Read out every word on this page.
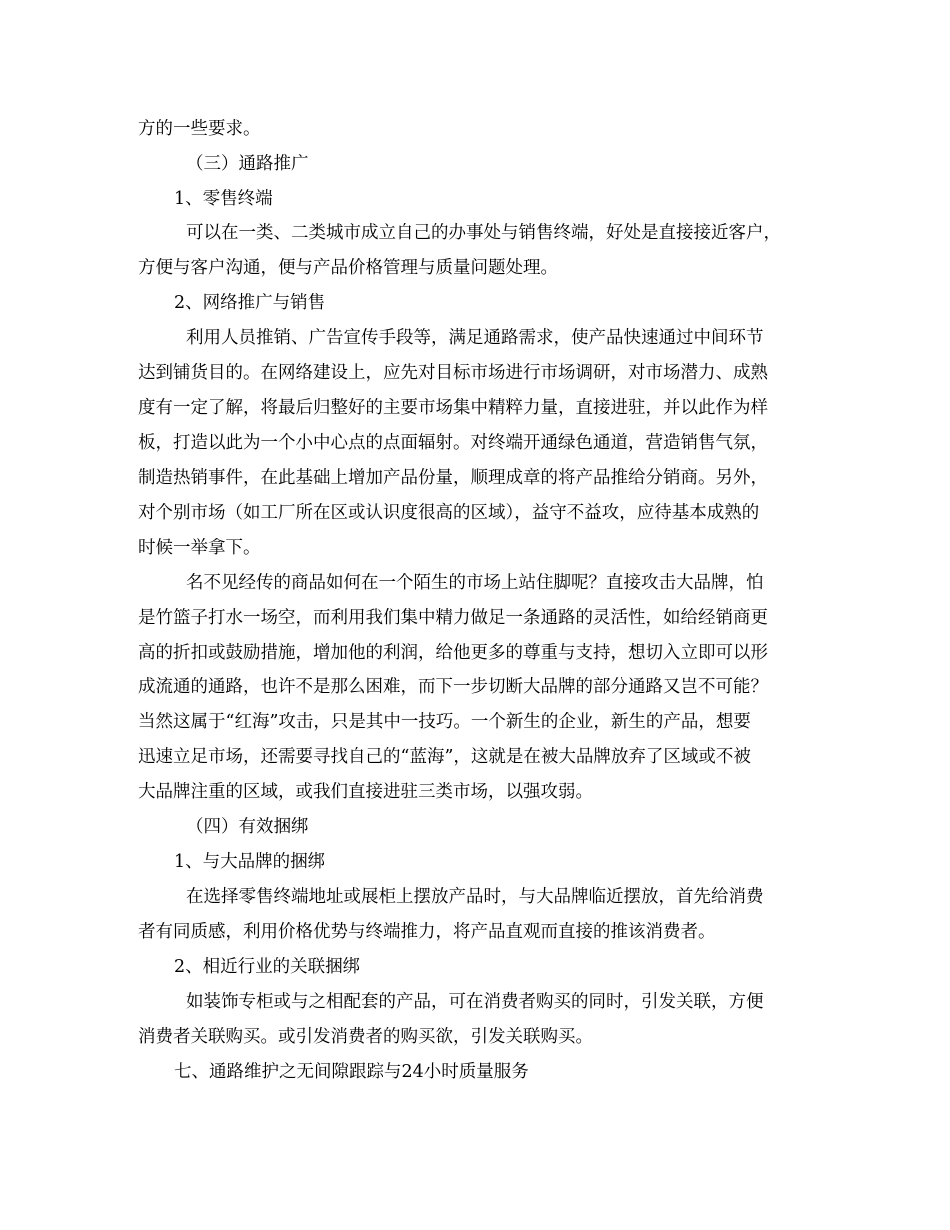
方的一些要求。
（三）通路推广
1、零售终端
可以在一类、二类城市成立自己的办事处与销售终端，好处是直接接近客户，
方便与客户沟通，便与产品价格管理与质量问题处理。
2、网络推广与销售
利用人员推销、广告宣传手段等，满足通路需求，使产品快速通过中间环节
达到铺货目的。在网络建设上，应先对目标市场进行市场调研，对市场潜力、成熟
度有一定了解，将最后归整好的主要市场集中精粹力量，直接进驻，并以此作为样
板，打造以此为一个小中心点的点面辐射。对终端开通绿色通道，营造销售气氛，
制造热销事件，在此基础上增加产品份量，顺理成章的将产品推给分销商。另外，
对个别市场（如工厂所在区或认识度很高的区域），益守不益攻，应待基本成熟的
时候一举拿下。
名不见经传的商品如何在一个陌生的市场上站住脚呢？直接攻击大品牌，怕
是竹篮子打水一场空，而利用我们集中精力做足一条通路的灵活性，如给经销商更
高的折扣或鼓励措施，增加他的利润，给他更多的尊重与支持，想切入立即可以形
成流通的通路，也许不是那么困难，而下一步切断大品牌的部分通路又岂不可能？
当然这属于“红海”攻击，只是其中一技巧。一个新生的企业，新生的产品，想要
迅速立足市场，还需要寻找自己的“蓝海”，这就是在被大品牌放弃了区域或不被
大品牌注重的区域，或我们直接进驻三类市场，以强攻弱。
（四）有效捆绑
1、与大品牌的捆绑
在选择零售终端地址或展柜上摆放产品时，与大品牌临近摆放，首先给消费
者有同质感，利用价格优势与终端推力，将产品直观而直接的推该消费者。
2、相近行业的关联捆绑
如装饰专柜或与之相配套的产品，可在消费者购买的同时，引发关联，方便
消费者关联购买。或引发消费者的购买欲，引发关联购买。
七、通路维护之无间隙跟踪与24小时质量服务
